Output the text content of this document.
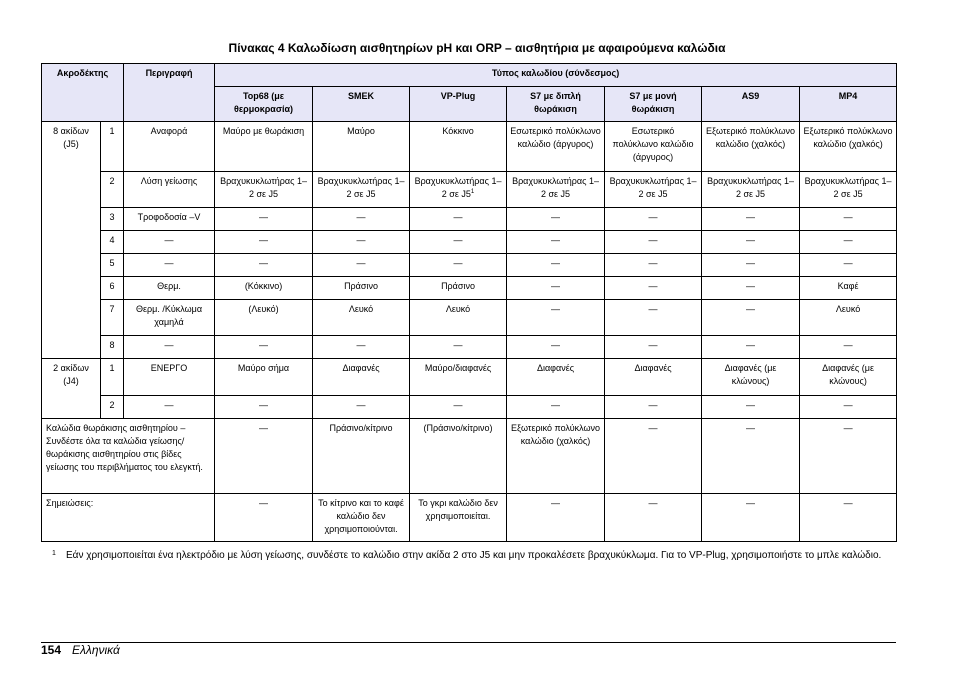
Πίνακας 4 Καλωδίωση αισθητηρίων pH και ORP – αισθητήρια με αφαιρούμενα καλώδια
Ακροδέκτης		Περιγραφή	Τύπος καλωδίου (σύνδεσμος)						
			Top68 (με θερμοκρασία)	SMEK	VP-Plug	S7 με διπλή θωράκιση	S7 με μονή θωράκιση	AS9	MP4
8 ακίδων (J5)	1	Αναφορά	Μαύρο με θωράκιση	Μαύρο	Κόκκινο	Εσωτερικό πολύκλωνο καλώδιο (άργυρος)	Εσωτερικό πολύκλωνο καλώδιο (άργυρος)	Εξωτερικό πολύκλωνο καλώδιο (χαλκός)	Εξωτερικό πολύκλωνο καλώδιο (χαλκός)
	2	Λύση γείωσης	Βραχυκυκλωτήρας 1–2 σε J5	Βραχυκυκλωτήρας 1–2 σε J5	Βραχυκυκλωτήρας 1–2 σε $J5^1$	Βραχυκυκλωτήρας 1–2 σε J5	Βραχυκυκλωτήρας 1–2 σε J5	Βραχυκυκλωτήρας 1–2 σε J5	Βραχυκυκλωτήρας 1–2 σε J5
	3	Τροφοδοσία –V	—	—	—	—	—	—	—
	4	—	—	—	—	—	—	—	—
	5	—	—	—	—	—	—	—	—
	6	Θερμ.	(Κόκκινο)	Πράσινο	Πράσινο	—	—	—	Καφέ
	7	Θερμ. /Κύκλωμα χαμηλά	(Λευκό)	Λευκό	Λευκό	—	—	—	Λευκό
	8	—	—	—	—	—	—	—	—
2 ακίδων (J4)	1	ΕΝΕΡΓΟ	Μαύρο σήμα	Διαφανές	Μαύρο/διαφανές	Διαφανές	Διαφανές	Διαφανές (με κλώνους)	Διαφανές (με κλώνους)
	2	—	—	—	—	—	—	—	—
Καλώδια θωράκισης αισθητηρίου – Συνδέστε όλα τα καλώδια γείωσης/θωράκισης αισθητηρίου στις βίδες γείωσης του περιβλήματος του ελεγκτή.			—	Πράσινο/κίτρινο	(Πράσινο/κίτρινο)	Εξωτερικό πολύκλωνο καλώδιο (χαλκός)	—	—	—
Σημειώσεις:			—	Το κίτρινο και το καφέ καλώδιο δεν χρησιμοποιούνται.	Το γκρι καλώδιο δεν χρησιμοποιείται.	—	—	—	—
1 Εάν χρησιμοποιείται ένα ηλεκτρόδιο με λύση γείωσης, συνδέστε το καλώδιο στην ακίδα 2 στο J5 και μην προκαλέσετε βραχυκύκλωμα. Για το VP-Plug, χρησιμοποιήστε το μπλε καλώδιο.
154 Ελληνικά
